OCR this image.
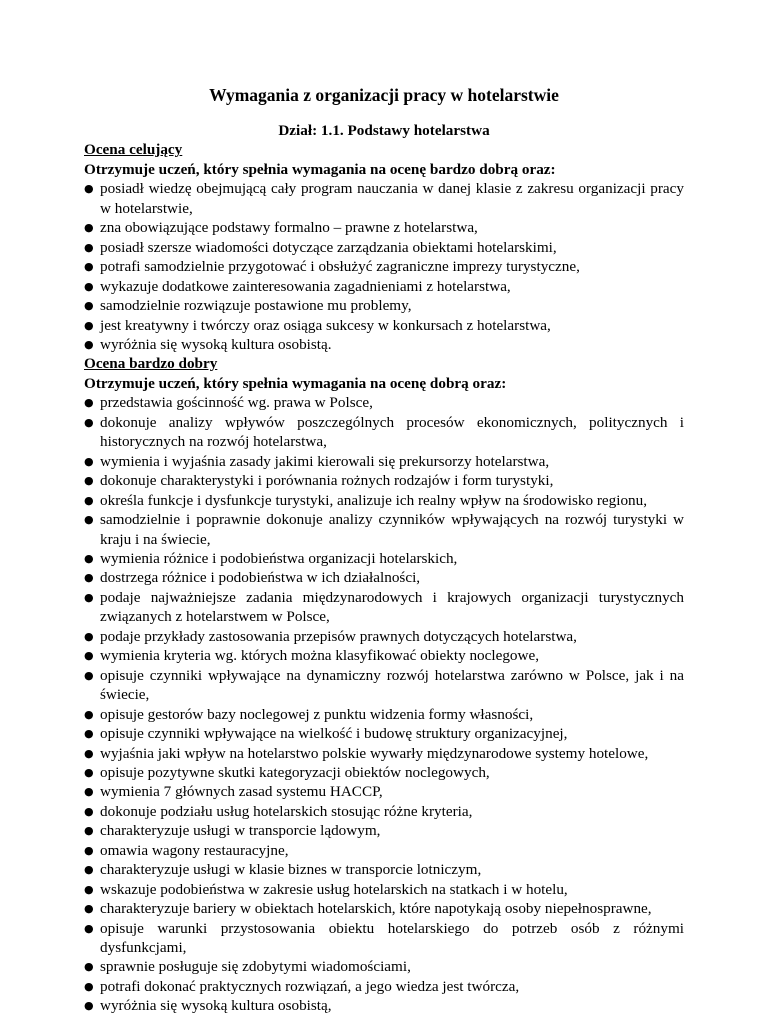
Wymagania z organizacji pracy w hotelarstwie
Dział: 1.1. Podstawy hotelarstwa
Ocena celujący
Otrzymuje uczeń, który spełnia wymagania na ocenę bardzo dobrą oraz:
● posiadł wiedzę obejmującą cały program nauczania w danej klasie z zakresu organizacji pracy w hotelarstwie,
● zna obowiązujące podstawy formalno – prawne z hotelarstwa,
● posiadł szersze wiadomości dotyczące zarządzania obiektami hotelarskimi,
● potrafi samodzielnie przygotować i obsłużyć zagraniczne imprezy turystyczne,
● wykazuje dodatkowe zainteresowania zagadnieniami z hotelarstwa,
● samodzielnie rozwiązuje postawione mu problemy,
● jest kreatywny i twórczy oraz osiąga sukcesy w konkursach z hotelarstwa,
● wyróżnia się wysoką kultura osobistą.
Ocena bardzo dobry
Otrzymuje uczeń, który spełnia wymagania na ocenę dobrą oraz:
● przedstawia gościnność wg. prawa w Polsce,
● dokonuje analizy wpływów poszczególnych procesów ekonomicznych, politycznych i historycznych na rozwój hotelarstwa,
● wymienia i wyjaśnia zasady jakimi kierowali się prekursorzy hotelarstwa,
● dokonuje charakterystyki i porównania rożnych rodzajów i form turystyki,
● określa funkcje i dysfunkcje turystyki, analizuje ich realny wpływ na środowisko regionu,
● samodzielnie i poprawnie dokonuje analizy czynników wpływających na rozwój turystyki w kraju i na świecie,
● wymienia różnice i podobieństwa organizacji hotelarskich,
● dostrzega różnice i podobieństwa w ich działalności,
● podaje najważniejsze zadania międzynarodowych i krajowych organizacji turystycznych związanych z hotelarstwem w Polsce,
● podaje przykłady zastosowania przepisów prawnych dotyczących hotelarstwa,
● wymienia kryteria wg. których można klasyfikować obiekty noclegowe,
● opisuje czynniki wpływające na dynamiczny rozwój hotelarstwa zarówno w Polsce, jak i na świecie,
● opisuje gestorów bazy noclegowej z punktu widzenia formy własności,
● opisuje czynniki wpływające na wielkość i budowę struktury organizacyjnej,
● wyjaśnia jaki wpływ na hotelarstwo polskie wywarły międzynarodowe systemy hotelowe,
● opisuje pozytywne skutki kategoryzacji obiektów noclegowych,
● wymienia 7 głównych zasad systemu HACCP,
● dokonuje podziału usług hotelarskich stosując różne kryteria,
● charakteryzuje usługi w transporcie lądowym,
● omawia wagony restauracyjne,
● charakteryzuje usługi w klasie biznes w transporcie lotniczym,
● wskazuje podobieństwa w zakresie usług hotelarskich na statkach i w hotelu,
● charakteryzuje bariery w obiektach hotelarskich, które napotykają osoby niepełnosprawne,
● opisuje warunki przystosowania obiektu hotelarskiego do potrzeb osób z różnymi dysfunkcjami,
● sprawnie posługuje się zdobytymi wiadomościami,
● potrafi dokonać praktycznych rozwiązań, a jego wiedza jest twórcza,
● wyróżnia się wysoką kultura osobistą,
